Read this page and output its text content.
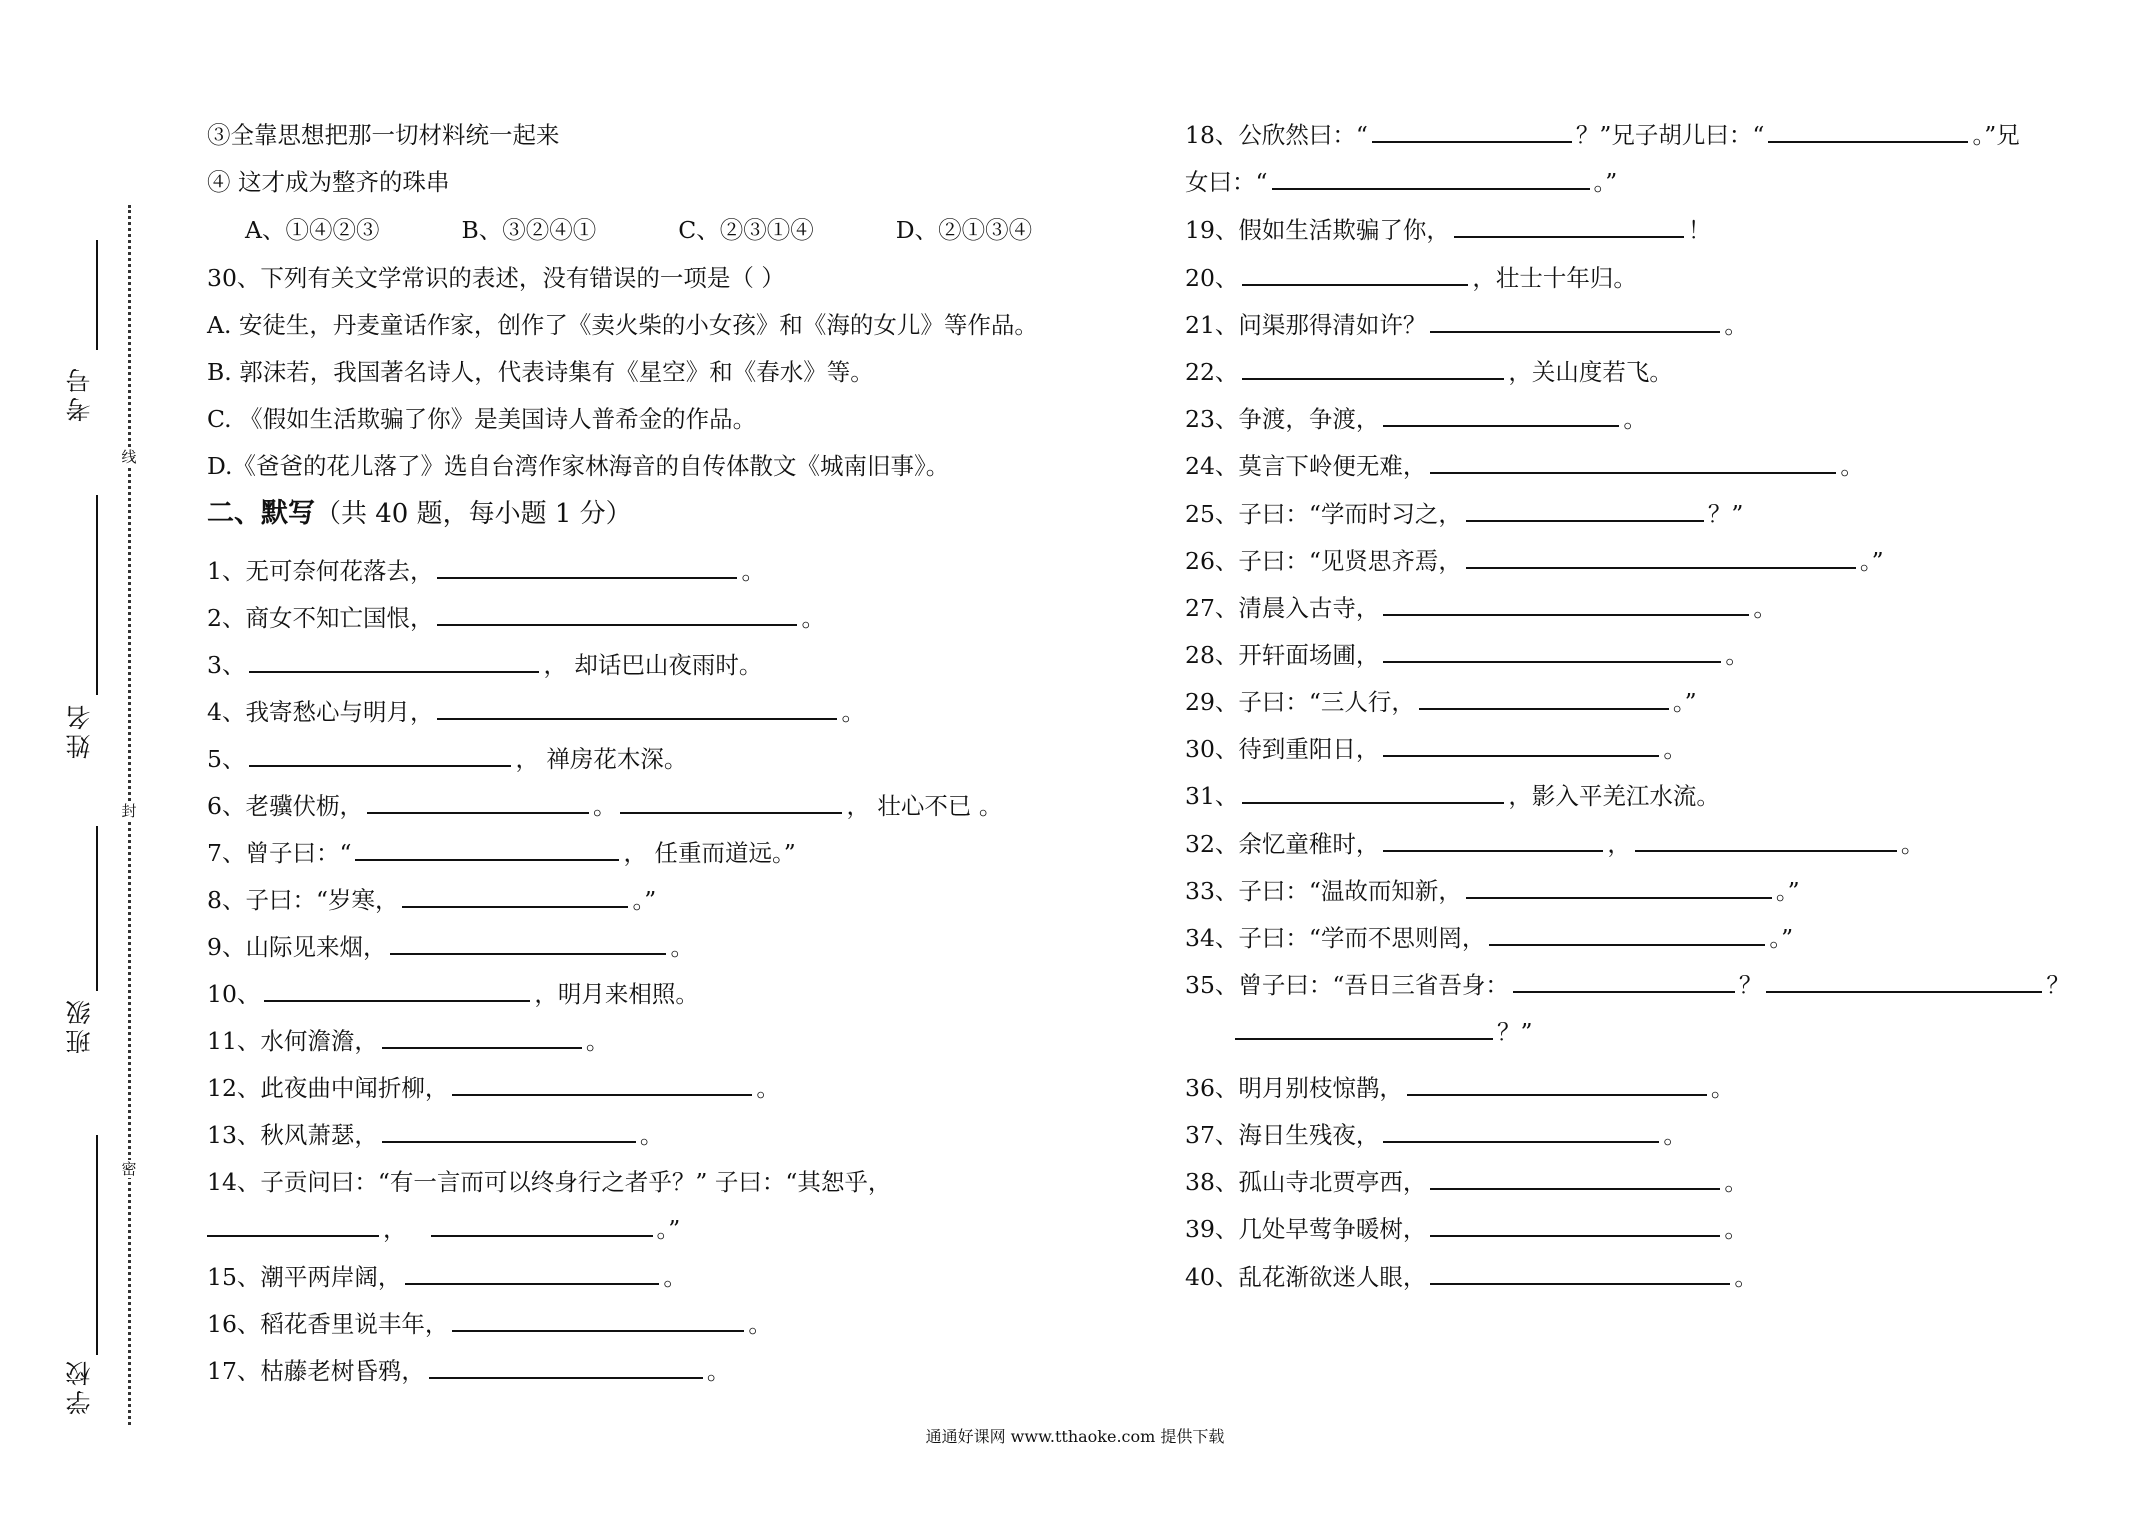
线
封
密
考号
姓名
班级
学校
③全靠思想把那一切材料统一起来
④ 这才成为整齐的珠串
A、①④②③	B、③②④①	C、②③①④	D、②①③④
30、下列有关文学常识的表述，没有错误的一项是（ ）
A. 安徒生，丹麦童话作家，创作了《卖火柴的小女孩》和《海的女儿》等作品。
B. 郭沫若，我国著名诗人，代表诗集有《星空》和《春水》等。
C. 《假如生活欺骗了你》是美国诗人普希金的作品。
D.《爸爸的花儿落了》选自台湾作家林海音的自传体散文《城南旧事》。
二、默写（共 40 题，每小题 1 分）
1、无可奈何花落去，	。
2、商女不知亡国恨，	。
3、	， 却话巴山夜雨时。
4、我寄愁心与明月，	。
5、	， 禅房花木深。
6、老骥伏枥，	。	， 壮心不已 。
7、曾子曰：“	， 任重而道远。”
8、子曰：“岁寒，	。”
9、山际见来烟，	。
10、	，明月来相照。
11、水何澹澹，	。
12、此夜曲中闻折柳，	。
13、秋风萧瑟，	。
14、子贡问曰：“有一言而可以终身行之者乎？” 子曰：“其恕乎，
，	。”
15、潮平两岸阔，	。
16、稻花香里说丰年，	。
17、枯藤老树昏鸦，	。
18、公欣然曰：“	？”兄子胡儿曰：“	。”兄
女曰：“	。”
19、假如生活欺骗了你，	！
20、	，壮士十年归。
21、问渠那得清如许？	。
22、	，关山度若飞。
23、争渡，争渡，	。
24、莫言下岭便无难，	。
25、子曰：“学而时习之，	？”
26、子曰：“见贤思齐焉，	。”
27、清晨入古寺，	。
28、开轩面场圃，	。
29、子曰：“三人行，	。”
30、待到重阳日，	。
31、	，影入平羌江水流。
32、余忆童稚时，	，	。
33、子曰：“温故而知新，	。”
34、子曰：“学而不思则罔，	。”
35、曾子曰：“吾日三省吾身：	？	？
？”
36、明月别枝惊鹊，	。
37、海日生残夜，	。
38、孤山寺北贾亭西，	。
39、几处早莺争暖树，	。
40、乱花渐欲迷人眼，	。
通通好课网 www.tthaoke.com 提供下载
